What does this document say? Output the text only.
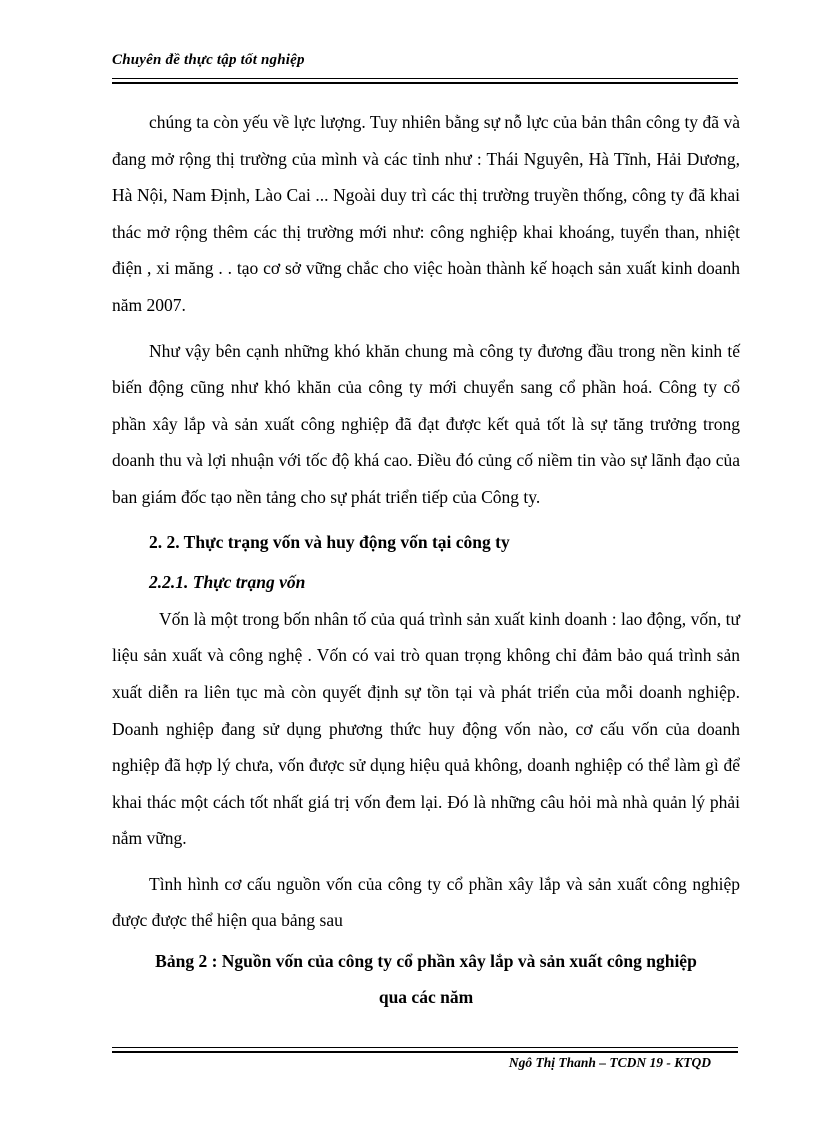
Chuyên đề thực tập tốt nghiệp

chúng ta còn yếu về lực lượng. Tuy nhiên bằng sự nỗ lực của bản thân công ty đã và đang mở rộng thị trường của mình và các tỉnh như : Thái Nguyên, Hà Tĩnh, Hải Dương, Hà Nội, Nam Định, Lào Cai ... Ngoài duy trì các thị trường truyền thống, công ty đã khai thác mở rộng thêm các thị trường mới như: công nghiệp khai khoáng, tuyển than, nhiệt điện , xi măng . . tạo cơ sở vững chắc cho việc hoàn thành kế hoạch sản xuất kinh doanh năm 2007.

Như vậy bên cạnh những khó khăn chung mà công ty đương đầu trong nền kinh tế biến động cũng như khó khăn của công ty mới chuyển sang cổ phần hoá. Công ty cổ phần xây lắp và sản xuất công nghiệp đã đạt được kết quả tốt là sự tăng trưởng trong doanh thu và lợi nhuận với tốc độ khá cao. Điều đó củng cố niềm tin vào sự lãnh đạo của ban giám đốc tạo nền tảng cho sự phát triển tiếp của Công ty.

2. 2. Thực trạng vốn và huy động vốn tại công ty

2.2.1. Thực trạng vốn

Vốn là một trong bốn nhân tố của quá trình sản xuất kinh doanh : lao động, vốn, tư liệu sản xuất và công nghệ . Vốn có vai trò quan trọng không chỉ đảm bảo quá trình sản xuất diễn ra liên tục mà còn quyết định sự tồn tại và phát triển của mỗi doanh nghiệp. Doanh nghiệp đang sử dụng phương thức huy động vốn nào, cơ cấu vốn của doanh nghiệp đã hợp lý chưa, vốn được sử dụng hiệu quả không, doanh nghiệp có thể làm gì để khai thác một cách tốt nhất giá trị vốn đem lại. Đó là những câu hỏi mà nhà quản lý phải nắm vững.

Tình hình cơ cấu nguồn vốn của công ty cổ phần xây lắp và sản xuất công nghiệp được được thể hiện qua bảng sau

Bảng 2 : Nguồn vốn của công ty cổ phần xây lắp và sản xuất công nghiệp
qua các năm

Ngô Thị Thanh – TCDN 19 - KTQD
